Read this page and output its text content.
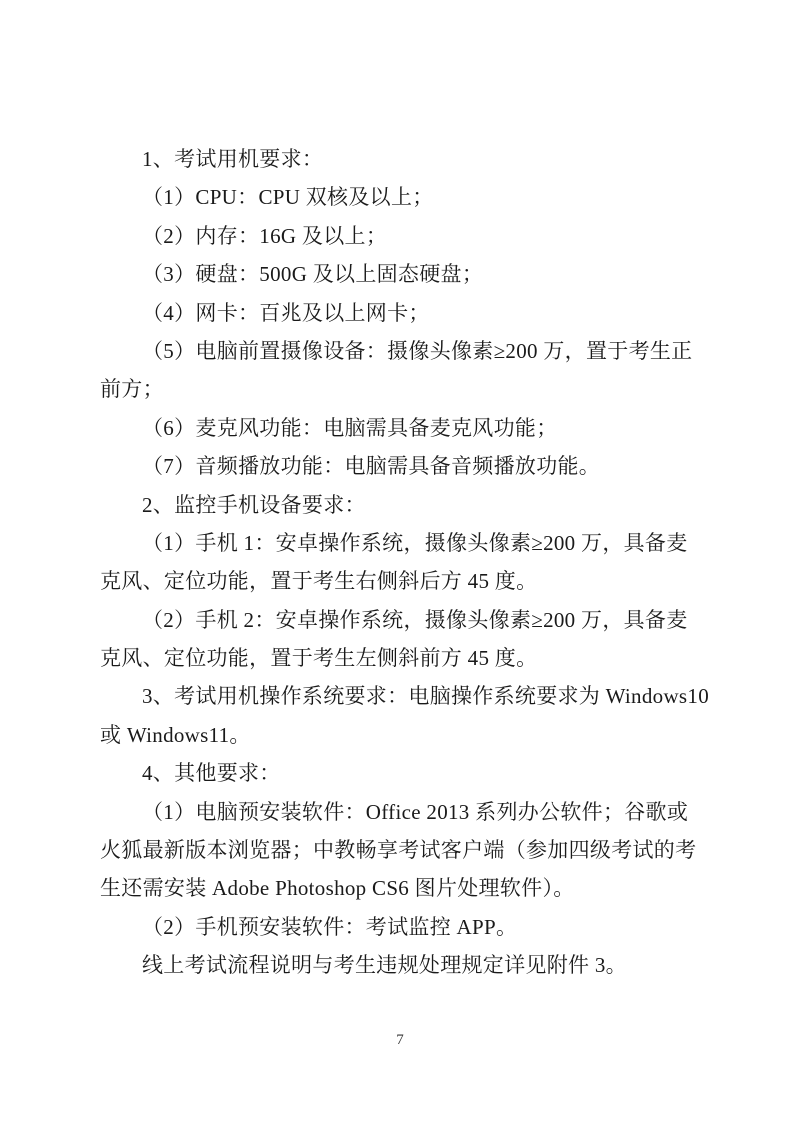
1、考试用机要求：
（1）CPU：CPU 双核及以上；
（2）内存：16G 及以上；
（3）硬盘：500G 及以上固态硬盘；
（4）网卡：百兆及以上网卡；
（5）电脑前置摄像设备：摄像头像素≥200 万，置于考生正
前方；
（6）麦克风功能：电脑需具备麦克风功能；
（7）音频播放功能：电脑需具备音频播放功能。
2、监控手机设备要求：
（1）手机 1：安卓操作系统，摄像头像素≥200 万，具备麦
克风、定位功能，置于考生右侧斜后方 45 度。
（2）手机 2：安卓操作系统，摄像头像素≥200 万，具备麦
克风、定位功能，置于考生左侧斜前方 45 度。
3、考试用机操作系统要求：电脑操作系统要求为 Windows10
或 Windows11。
4、其他要求：
（1）电脑预安装软件：Office 2013 系列办公软件；谷歌或
火狐最新版本浏览器；中教畅享考试客户端（参加四级考试的考
生还需安装 Adobe Photoshop CS6 图片处理软件）。
（2）手机预安装软件：考试监控 APP。
线上考试流程说明与考生违规处理规定详见附件 3。
7
